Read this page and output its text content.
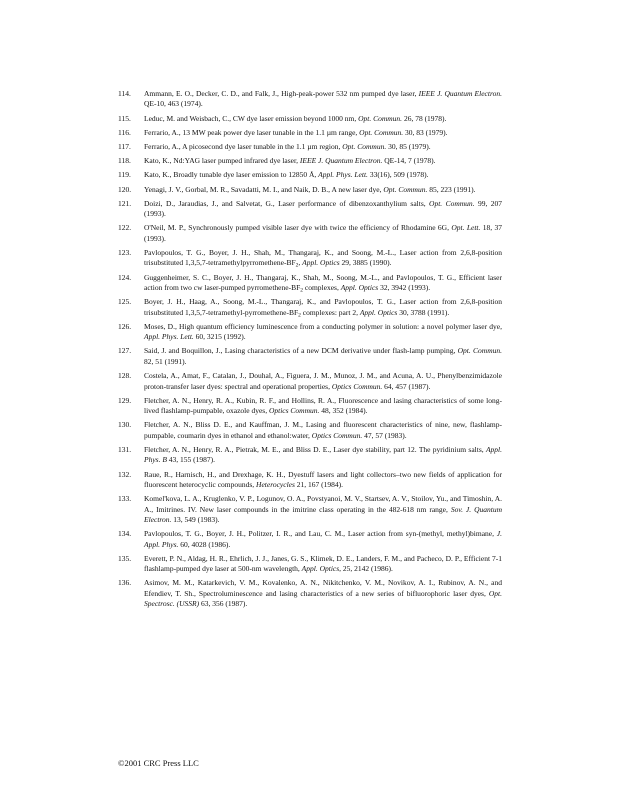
114.	Ammann, E. O., Decker, C. D., and Falk, J., High-peak-power 532 nm pumped dye laser, IEEE J. Quantum Electron. QE-10, 463 (1974).
115.	Leduc, M. and Weisbach, C., CW dye laser emission beyond 1000 nm, Opt. Commun. 26, 78 (1978).
116.	Ferrario, A., 13 MW peak power dye laser tunable in the 1.1 µm range, Opt. Commun. 30, 83 (1979).
117.	Ferrario, A., A picosecond dye laser tunable in the 1.1 µm region, Opt. Commun. 30, 85 (1979).
118.	Kato, K., Nd:YAG laser pumped infrared dye laser, IEEE J. Quantum Electron. QE-14, 7 (1978).
119.	Kato, K., Broadly tunable dye laser emission to 12850 Å, Appl. Phys. Lett. 33(16), 509 (1978).
120.	Yenagi, J. V., Gorbal, M. R., Savadatti, M. I., and Naik, D. B., A new laser dye, Opt. Commun. 85, 223 (1991).
121.	Doizi, D., Jaraudias, J., and Salvetat, G., Laser performance of dibenzoxanthylium salts, Opt. Commun. 99, 207 (1993).
122.	O'Neil, M. P., Synchronously pumped visible laser dye with twice the efficiency of Rhodamine 6G, Opt. Lett. 18, 37 (1993).
123.	Pavlopoulos, T. G., Boyer, J. H., Shah, M., Thangaraj, K., and Soong, M.-L., Laser action from 2,6,8-position trisubstituted $1,3,5,7-tetramethylpyrromethene-BF_2$, Appl. Optics 29, 3885 (1990).
124.	Guggenheimer, S. C., Boyer, J. H., Thangaraj, K., Shah, M., Soong, M.-L., and Pavlopoulos, T. G., Efficient laser action from two cw laser-pumped pyrromethene-$BF_2$ complexes, Appl. Optics 32, 3942 (1993).
125.	Boyer, J. H., Haag, A., Soong, M.-L., Thangaraj, K., and Pavlopoulos, T. G., Laser action from 2,6,8-position trisubstituted $1,3,5,7-tetramethyl-pyrromethene-BF_2$ complexes: part 2, Appl. Optics 30, 3788 (1991).
126.	Moses, D., High quantum efficiency luminescence from a conducting polymer in solution: a novel polymer laser dye, Appl. Phys. Lett. 60, 3215 (1992).
127.	Said, J. and Boquillon, J., Lasing characteristics of a new DCM derivative under flash-lamp pumping, Opt. Commun. 82, 51 (1991).
128.	Costela, A., Amat, F., Catalan, J., Douhal, A., Figuera, J. M., Munoz, J. M., and Acuna, A. U., Phenylbenzimidazole proton-transfer laser dyes: spectral and operational properties, Optics Commun. 64, 457 (1987).
129.	Fletcher, A. N., Henry, R. A., Kubin, R. F., and Hollins, R. A., Fluorescence and lasing characteristics of some long-lived flashlamp-pumpable, oxazole dyes, Optics Commun. 48, 352 (1984).
130.	Fletcher, A. N., Bliss D. E., and Kauffman, J. M., Lasing and fluorescent characteristics of nine, new, flashlamp-pumpable, coumarin dyes in ethanol and ethanol:water, Optics Commun. 47, 57 (1983).
131.	Fletcher, A. N., Henry, R. A., Pietrak, M. E., and Bliss D. E., Laser dye stability, part 12. The pyridinium salts, Appl. Phys. B 43, 155 (1987).
132.	Raue, R., Harnisch, H., and Drexhage, K. H., Dyestuff lasers and light collectors–two new fields of application for fluorescent heterocyclic compounds, Heterocycles 21, 167 (1984).
133.	Komel'kova, L. A., Kruglenko, V. P., Logunov, O. A., Povstyanoi, M. V., Startsev, A. V., Stoilov, Yu., and Timoshin, A. A., Imitrines. IV. New laser compounds in the imitrine class operating in the 482-618 nm range, Sov. J. Quantum Electron. 13, 549 (1983).
134.	Pavlopoulos, T. G., Boyer, J. H., Politzer, I. R., and Lau, C. M., Laser action from syn-(methyl, methyl)bimane, J. Appl. Phys. 60, 4028 (1986).
135.	Everett, P. N., Aldag, H. R., Ehrlich, J. J., Janes, G. S., Klimek, D. E., Landers, F. M., and Pacheco, D. P., Efficient 7-1 flashlamp-pumped dye laser at 500-nm wavelength, Appl. Optics, 25, 2142 (1986).
136.	Asimov, M. M., Katarkevich, V. M., Kovalenko, A. N., Nikitchenko, V. M., Novikov, A. I., Rubinov, A. N., and Efendiev, T. Sh., Spectroluminescence and lasing characteristics of a new series of bifluorophoric laser dyes, Opt. Spectrosc. (USSR) 63, 356 (1987).

©2001 CRC Press LLC
